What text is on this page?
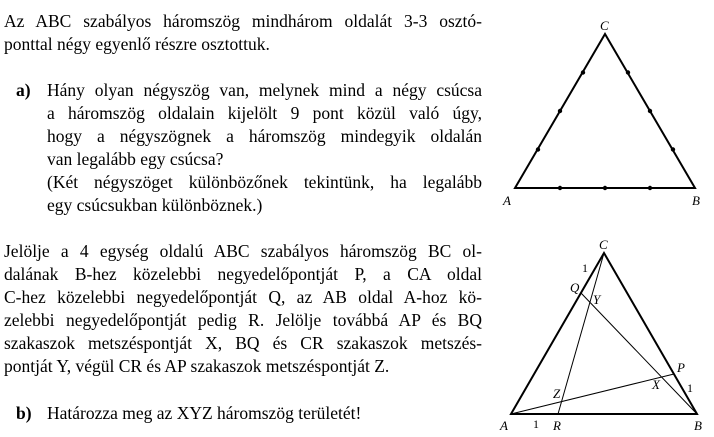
Az ABC szabályos háromszög mindhárom oldalát 3-3 osztó-
ponttal négy egyenlő részre osztottuk.
a) Hány olyan négyszög van, melynek mind a négy csúcsa
a háromszög oldalain kijelölt 9 pont közül való úgy,
hogy a négyszögnek a háromszög mindegyik oldalán
van legalább egy csúcsa?
(Két négyszöget különbözőnek tekintünk, ha legalább
egy csúcsukban különböznek.)
Jelölje a 4 egység oldalú ABC szabályos háromszög BC ol-
dalának B-hez közelebbi negyedelőpontját P, a CA oldal
C-hez közelebbi negyedelőpontját Q, az AB oldal A-hoz kö-
zelebbi negyedelőpontját pedig R. Jelölje továbbá AP és BQ
szakaszok metszéspontját X, BQ és CR szakaszok metszés-
pontját Y, végül CR és AP szakaszok metszéspontját Z.
b) Határozza meg az XYZ háromszög területét!
A	B
C
A	B
C
P
Q
R
X
Y
Z
1
1
1
